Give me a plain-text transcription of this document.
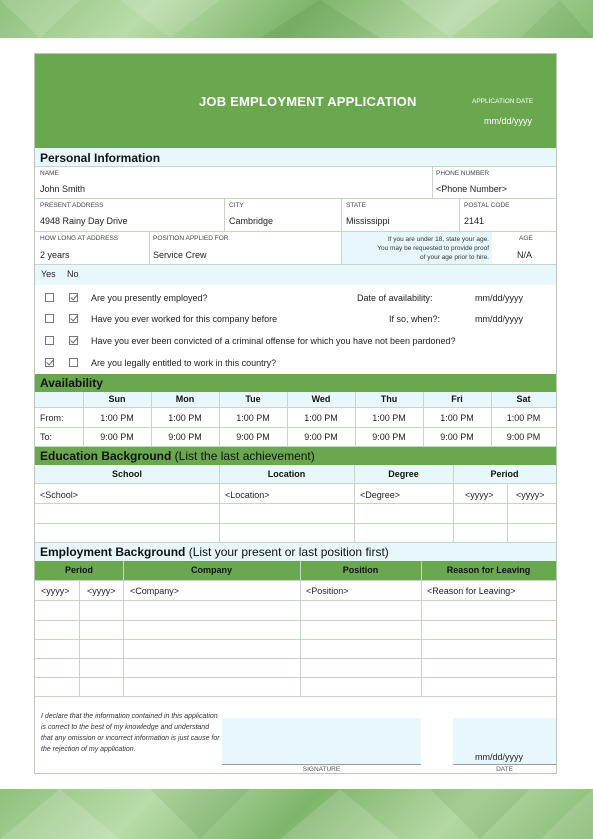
JOB EMPLOYMENT APPLICATION	APPLICATION DATE
mm/dd/yyyy
Personal Information
NAME
John Smith
PHONE NUMBER
<Phone Number>
PRESENT ADDRESS
4948 Rainy Day Drive
CITY
Cambridge
STATE
Mississippi
POSTAL CODE
2141
HOW LONG AT ADDRESS
2 years
POSITION APPLIED FOR
Service Crew
If you are under 18, state your age.
You may be requested to provide proof
of your age prior to hire.
AGE
N/A
Yes No
Are you presently employed?	Date of availability:	mm/dd/yyyy
Have you ever worked for this company before	If so, when?:	mm/dd/yyyy
Have you ever been convicted of a criminal offense for which you have not been pardoned?
Are you legally entitled to work in this country?
Availability
Sun	Mon	Tue	Wed	Thu	Fri	Sat
From:	1:00 PM	1:00 PM	1:00 PM	1:00 PM	1:00 PM	1:00 PM	1:00 PM
To:	9:00 PM	9:00 PM	9:00 PM	9:00 PM	9:00 PM	9:00 PM	9:00 PM
Education Background (List the last achievement)
School	Location	Degree	Period
<School>	<Location>	<Degree>	<yyyy> <yyyy>
Employment Background (List your present or last position first)
Period	Company	Position	Reason for Leaving
<yyyy> <yyyy> <Company>	<Position>	<Reason for Leaving>
I declare that the information contained in this application is correct to the best of my knowledge and understand that any omission or incorrect information is just cause for the rejection of my application.
mm/dd/yyyy
SIGNATURE	DATE
